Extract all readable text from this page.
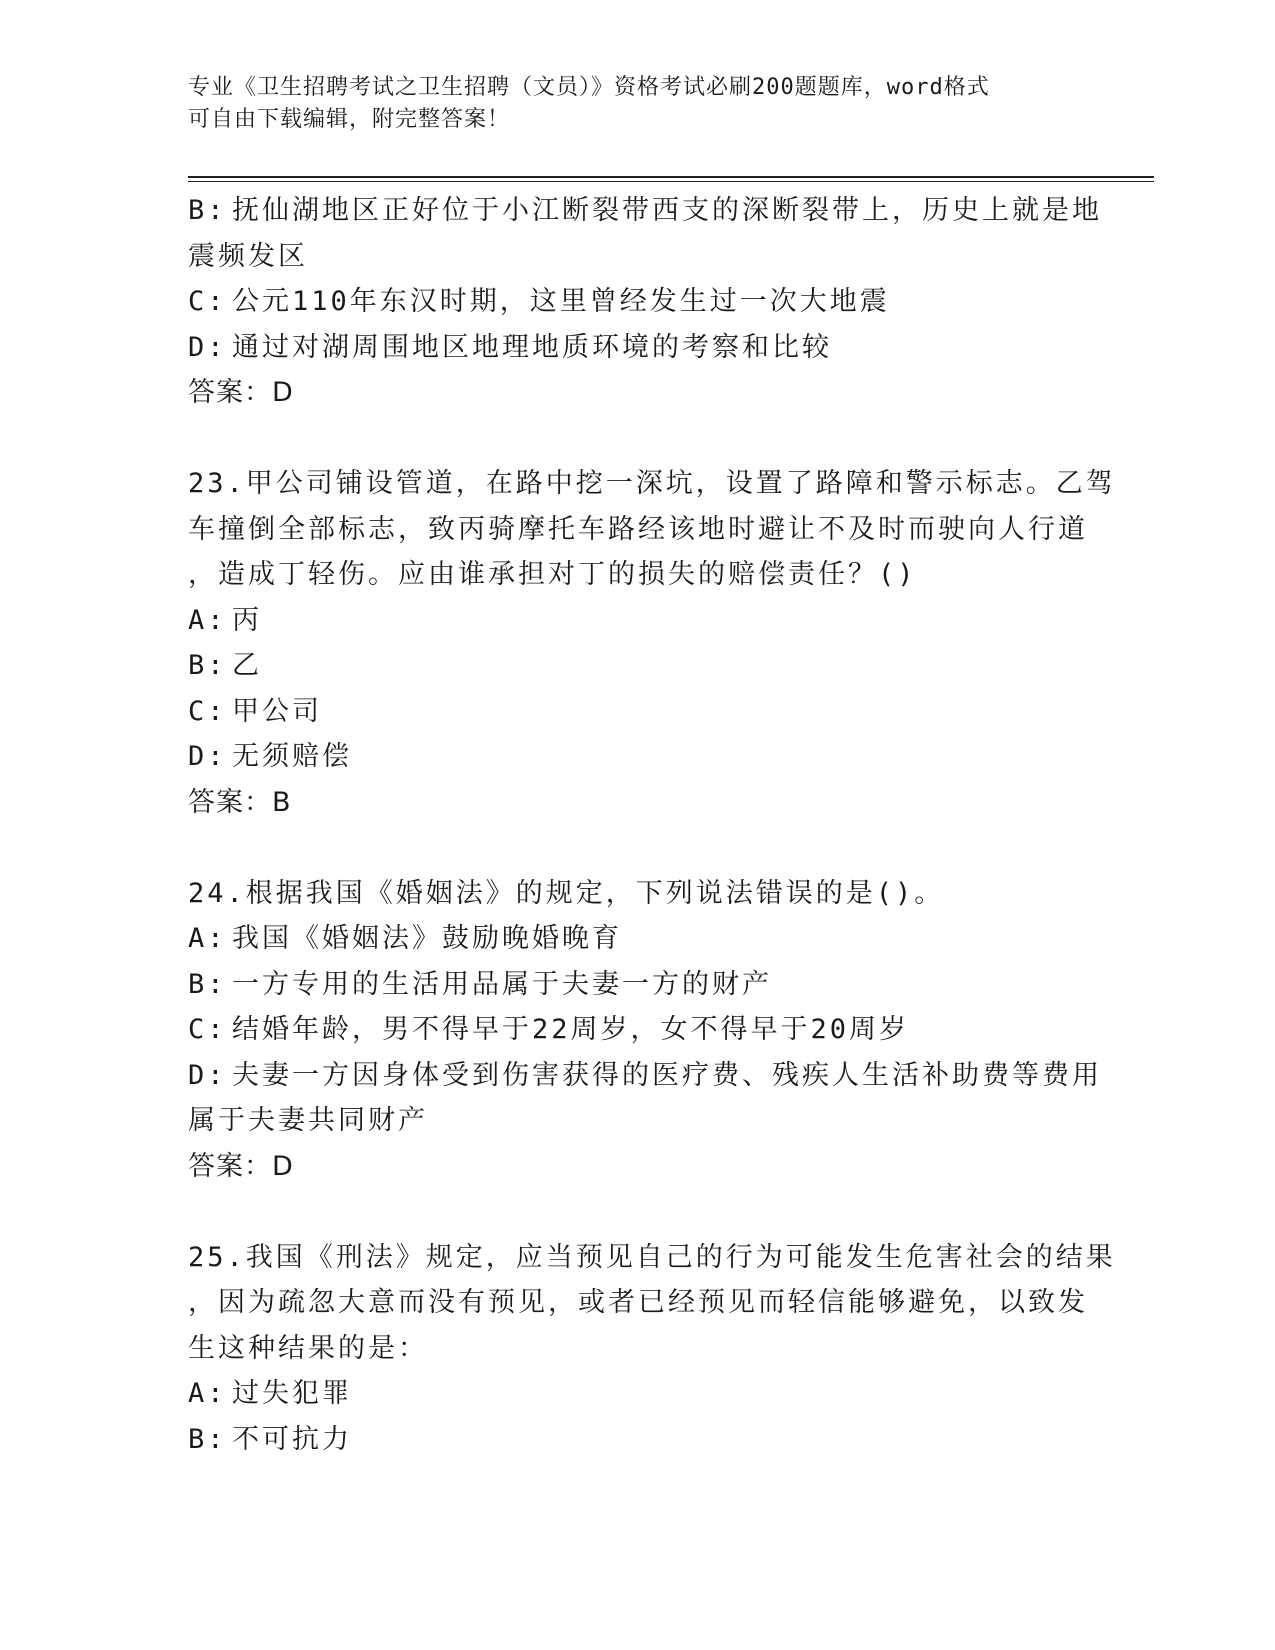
专业《卫生招聘考试之卫生招聘（文员）》资格考试必刷200题题库，word格式
可自由下载编辑，附完整答案！
B: 抚仙湖地区正好位于小江断裂带西支的深断裂带上，历史上就是地
震频发区
C: 公元110年东汉时期，这里曾经发生过一次大地震
D: 通过对湖周围地区地理地质环境的考察和比较
答案：D
23.甲公司铺设管道，在路中挖一深坑，设置了路障和警示标志。乙驾
车撞倒全部标志，致丙骑摩托车路经该地时避让不及时而驶向人行道
，造成丁轻伤。应由谁承担对丁的损失的赔偿责任？()
A: 丙
B: 乙
C: 甲公司
D: 无须赔偿
答案：B
24.根据我国《婚姻法》的规定，下列说法错误的是()。
A: 我国《婚姻法》鼓励晚婚晚育
B: 一方专用的生活用品属于夫妻一方的财产
C: 结婚年龄，男不得早于22周岁，女不得早于20周岁
D: 夫妻一方因身体受到伤害获得的医疗费、残疾人生活补助费等费用
属于夫妻共同财产
答案：D
25.我国《刑法》规定，应当预见自己的行为可能发生危害社会的结果
，因为疏忽大意而没有预见，或者已经预见而轻信能够避免，以致发
生这种结果的是：
A: 过失犯罪
B: 不可抗力
